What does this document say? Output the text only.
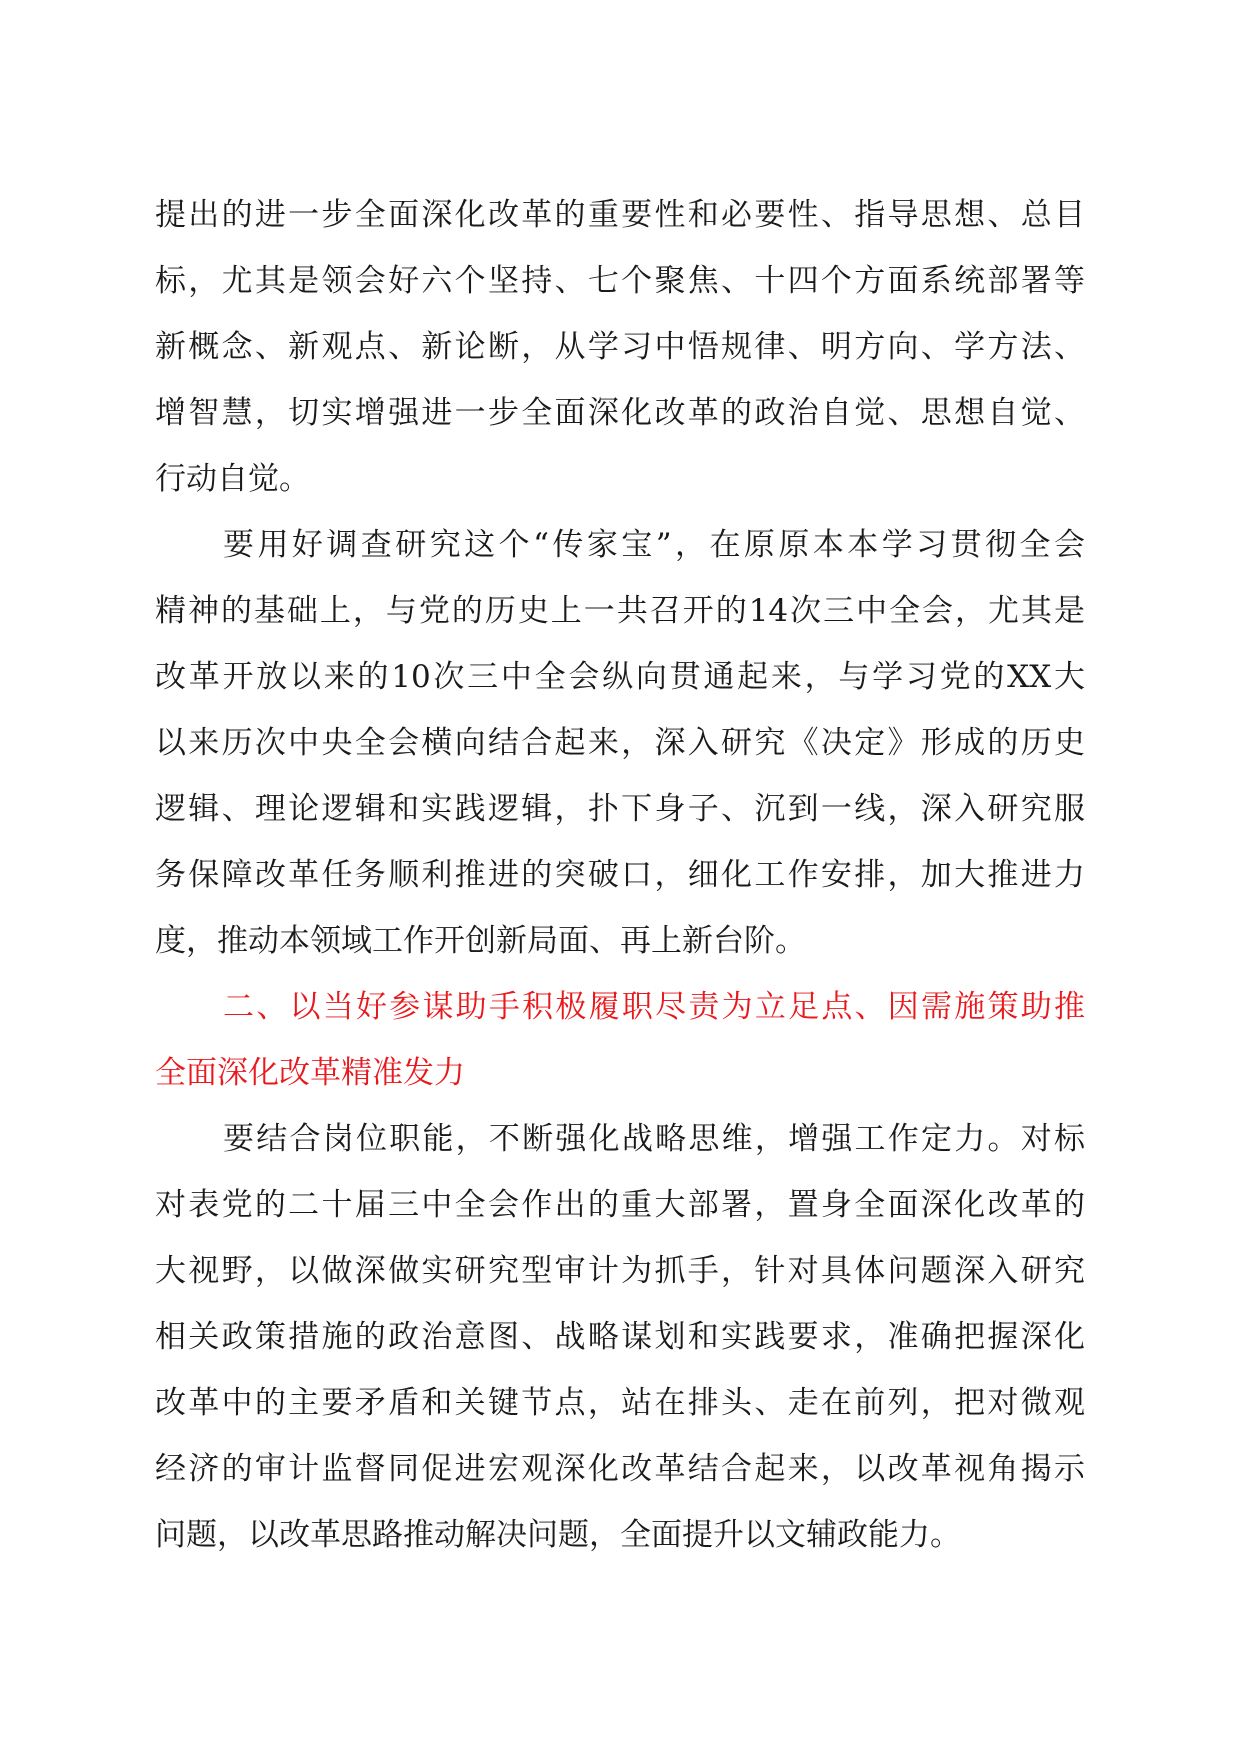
提出的进一步全面深化改革的重要性和必要性、指导思想、总目
标，尤其是领会好六个坚持、七个聚焦、十四个方面系统部署等
新概念、新观点、新论断，从学习中悟规律、明方向、学方法、
增智慧，切实增强进一步全面深化改革的政治自觉、思想自觉、
行动自觉。
要用好调查研究这个“传家宝”，在原原本本学习贯彻全会
精神的基础上，与党的历史上一共召开的14次三中全会，尤其是
改革开放以来的10次三中全会纵向贯通起来，与学习党的XX大
以来历次中央全会横向结合起来，深入研究《决定》形成的历史
逻辑、理论逻辑和实践逻辑，扑下身子、沉到一线，深入研究服
务保障改革任务顺利推进的突破口，细化工作安排，加大推进力
度，推动本领域工作开创新局面、再上新台阶。
二、以当好参谋助手积极履职尽责为立足点、因需施策助推
全面深化改革精准发力
要结合岗位职能，不断强化战略思维，增强工作定力。对标
对表党的二十届三中全会作出的重大部署，置身全面深化改革的
大视野，以做深做实研究型审计为抓手，针对具体问题深入研究
相关政策措施的政治意图、战略谋划和实践要求，准确把握深化
改革中的主要矛盾和关键节点，站在排头、走在前列，把对微观
经济的审计监督同促进宏观深化改革结合起来，以改革视角揭示
问题，以改革思路推动解决问题，全面提升以文辅政能力。
